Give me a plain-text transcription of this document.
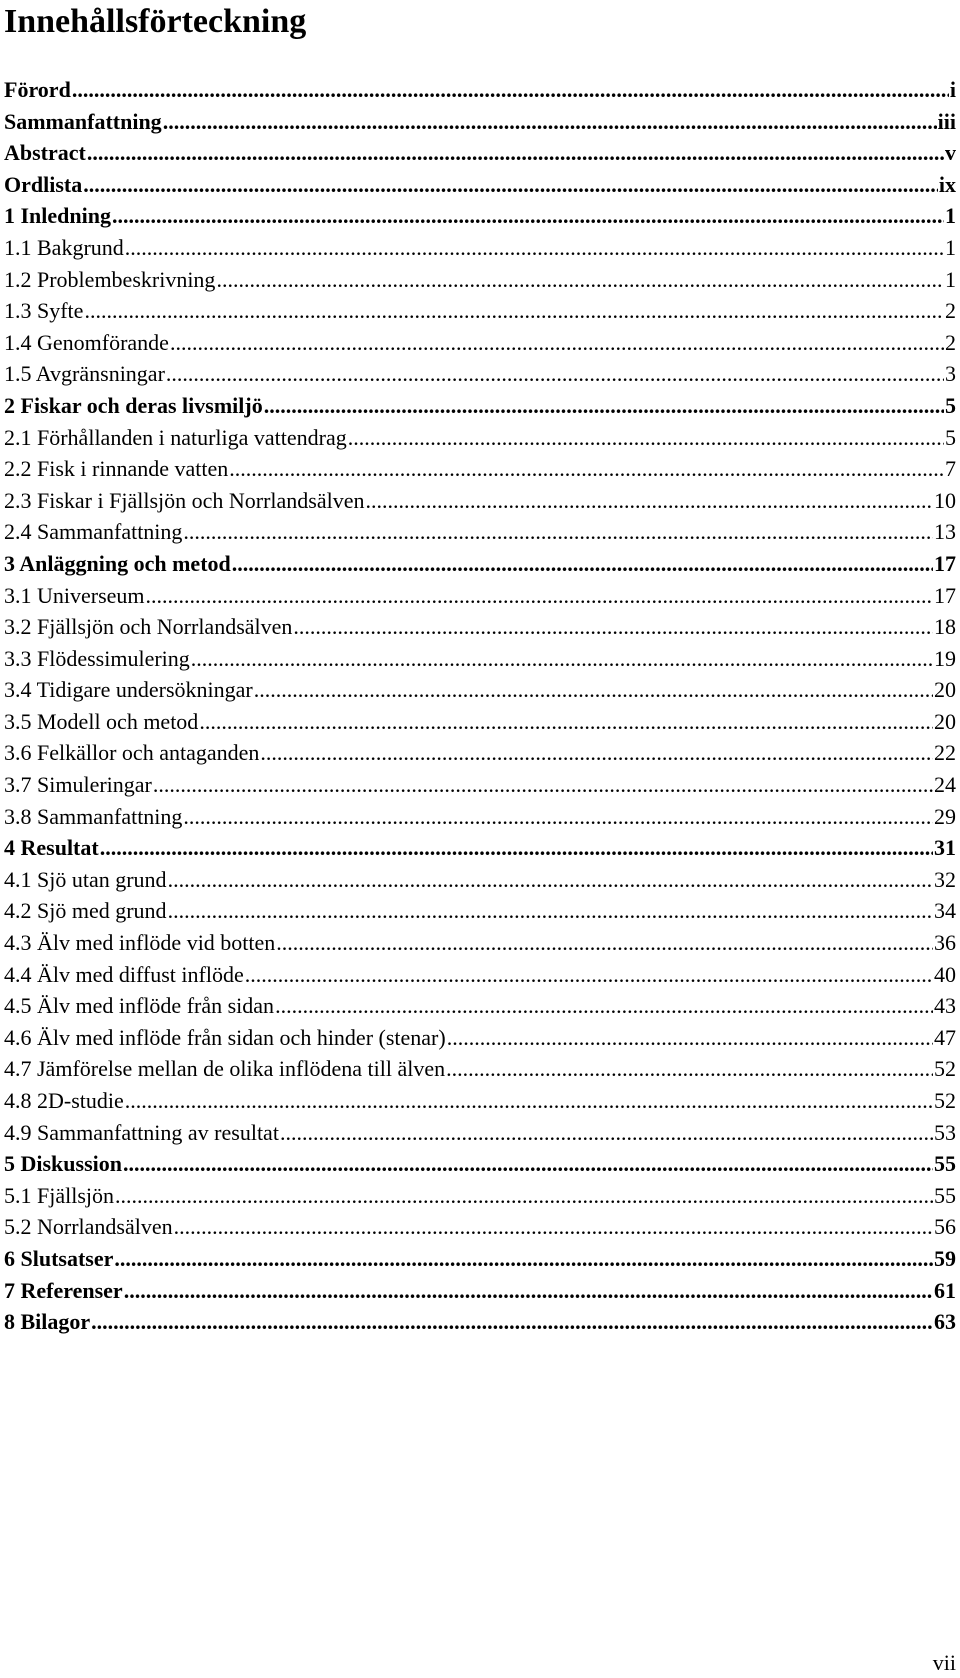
Innehållsförteckning
Förord .....	i
Sammanfattning .....	iii
Abstract .....	v
Ordlista .....	ix
1 Inledning .....	1
1.1 Bakgrund .....	1
1.2 Problembeskrivning .....	1
1.3 Syfte .....	2
1.4 Genomförande .....	2
1.5 Avgränsningar .....	3
2 Fiskar och deras livsmiljö .....	5
2.1 Förhållanden i naturliga vattendrag .....	5
2.2 Fisk i rinnande vatten .....	7
2.3 Fiskar i Fjällsjön och Norrlandsälven .....	10
2.4 Sammanfattning .....	13
3 Anläggning och metod .....	17
3.1 Universeum .....	17
3.2 Fjällsjön och Norrlandsälven .....	18
3.3 Flödessimulering .....	19
3.4 Tidigare undersökningar .....	20
3.5 Modell och metod .....	20
3.6 Felkällor och antaganden .....	22
3.7 Simuleringar .....	24
3.8 Sammanfattning .....	29
4 Resultat .....	31
4.1 Sjö utan grund .....	32
4.2 Sjö med grund .....	34
4.3 Älv med inflöde vid botten .....	36
4.4 Älv med diffust inflöde .....	40
4.5 Älv med inflöde från sidan .....	43
4.6 Älv med inflöde från sidan och hinder (stenar) .....	47
4.7 Jämförelse mellan de olika inflödena till älven .....	52
4.8 2D-studie .....	52
4.9 Sammanfattning av resultat .....	53
5 Diskussion .....	55
5.1 Fjällsjön .....	55
5.2 Norrlandsälven .....	56
6 Slutsatser .....	59
7 Referenser .....	61
8 Bilagor .....	63
vii
